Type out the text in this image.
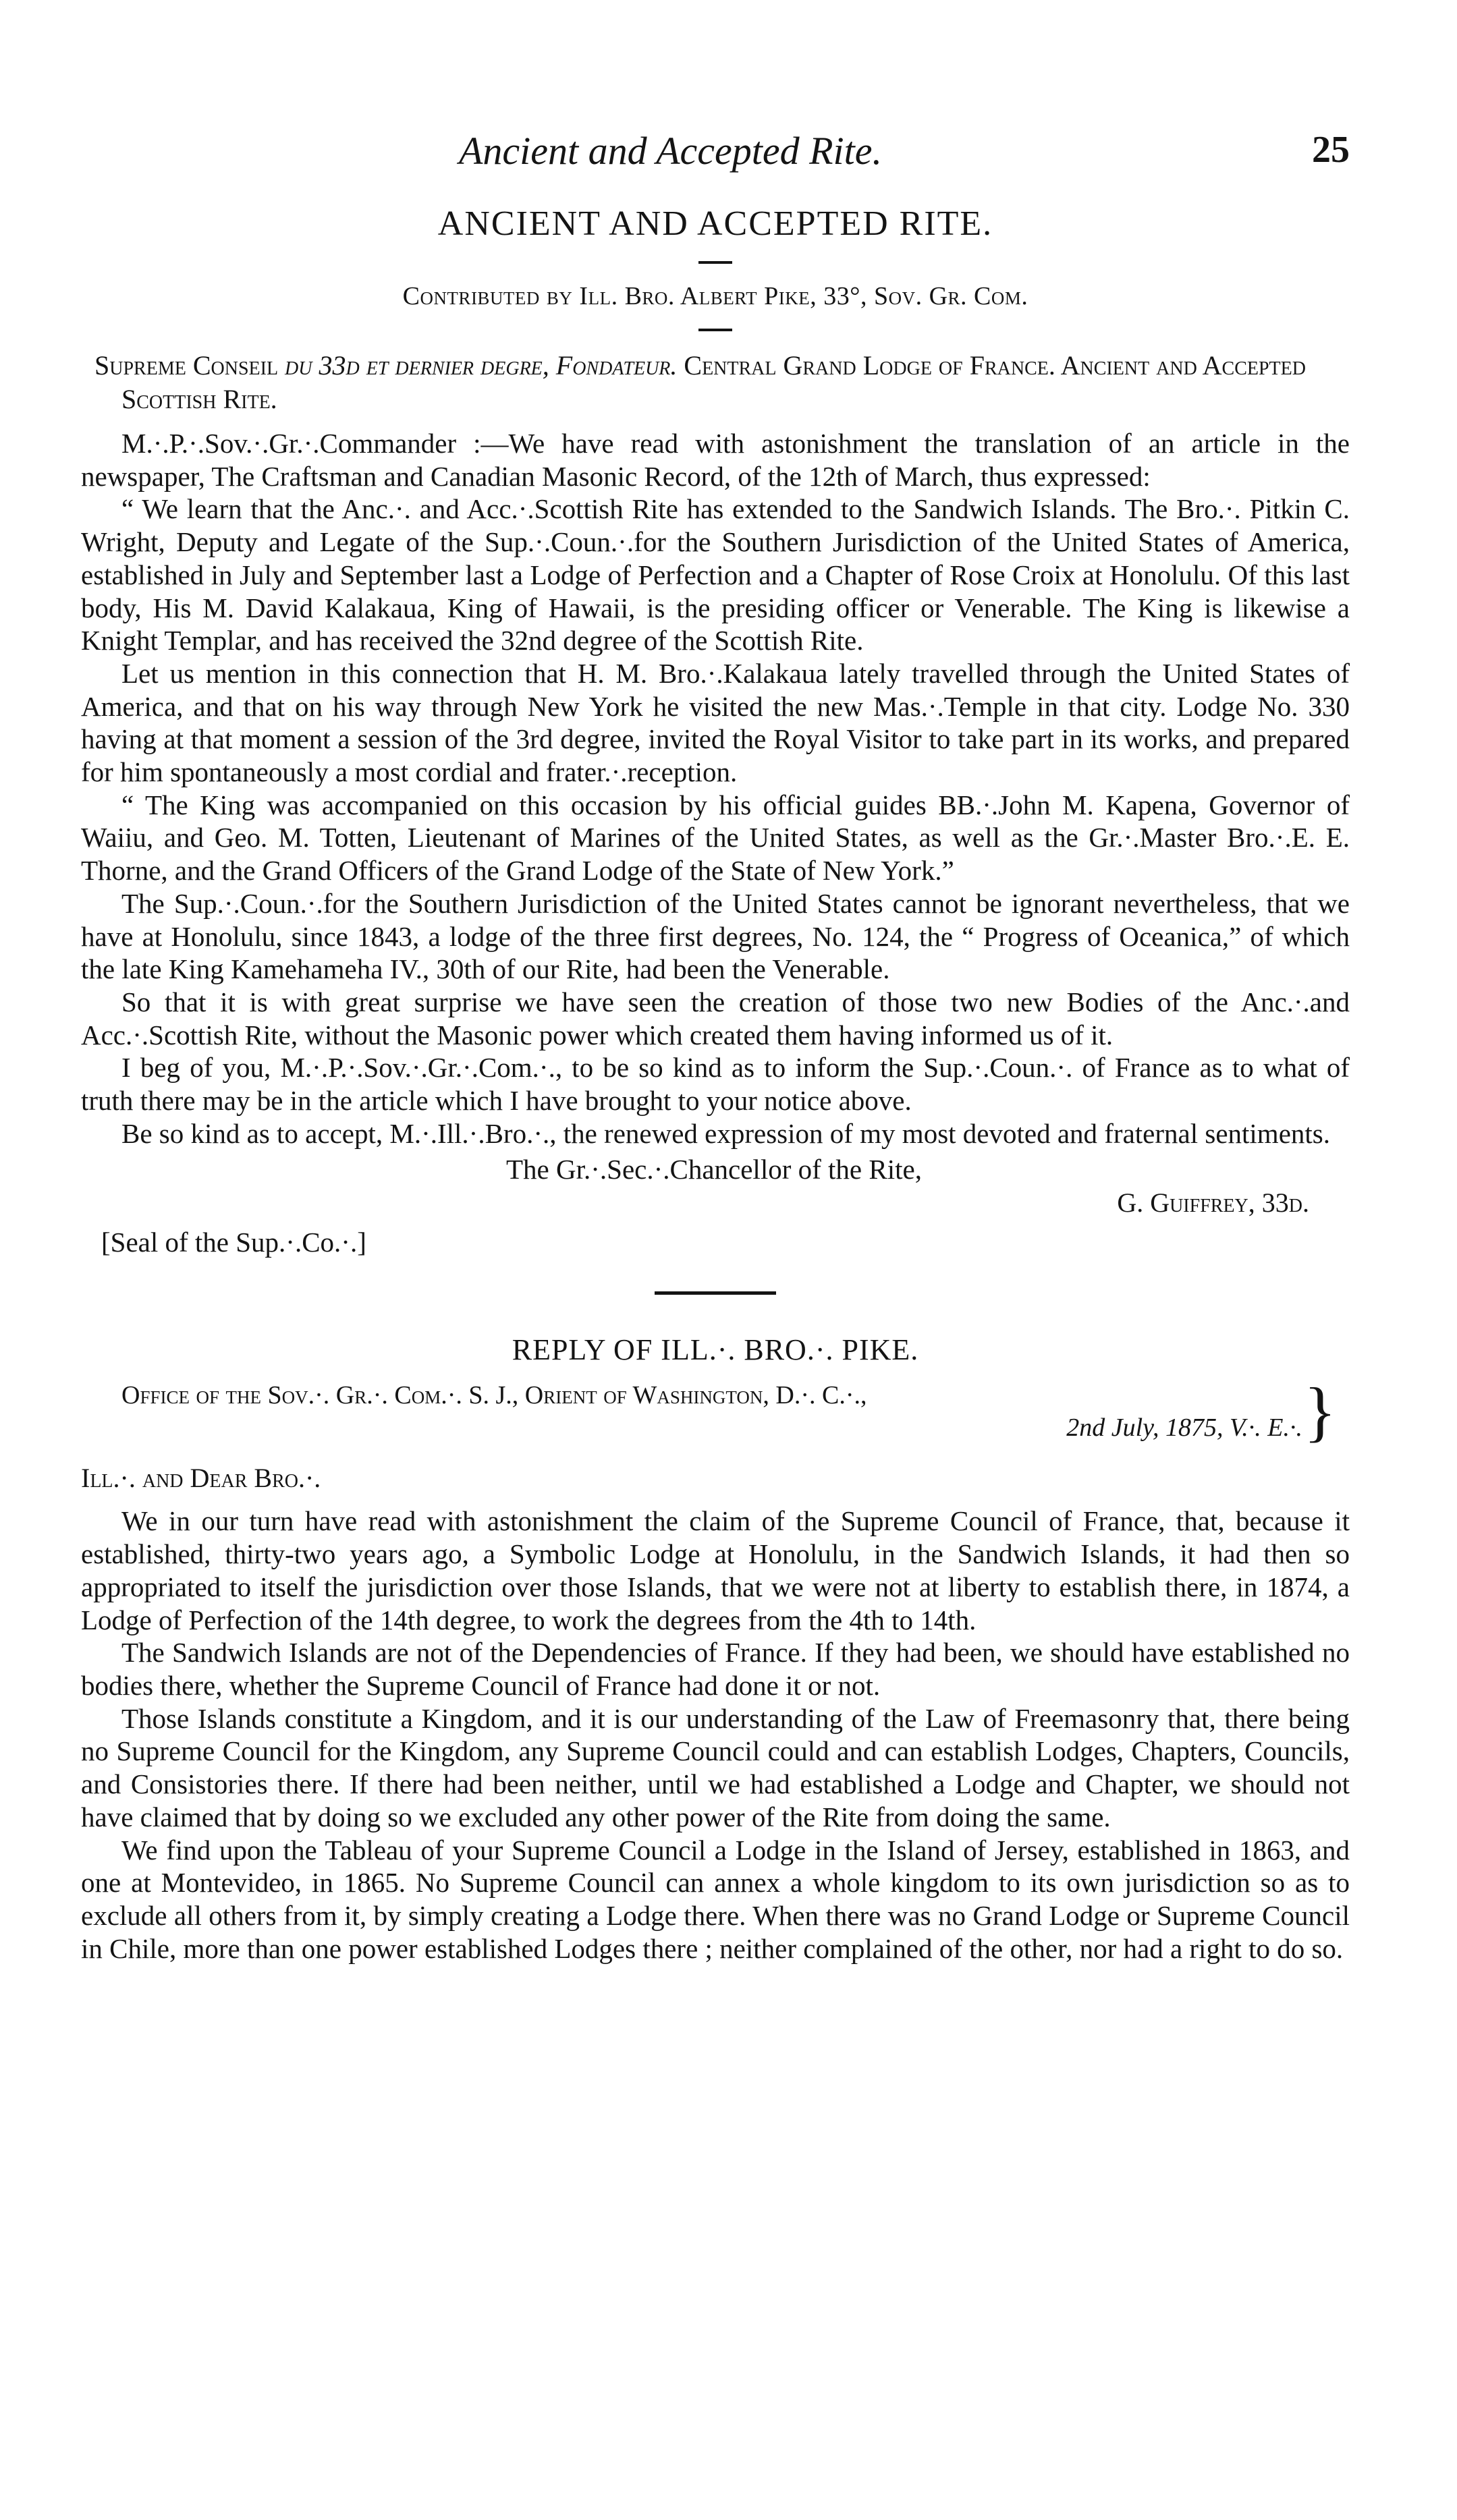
Ancient and Accepted Rite.	25
ANCIENT AND ACCEPTED RITE.
Contributed by Ill. Bro. Albert Pike, 33°, Sov. Gr. Com.
Supreme Conseil du 33d et dernier degre, Fondateur. Central Grand Lodge of France. Ancient and Accepted Scottish Rite.

M.·.P.·.Sov.·.Gr.·.Commander :—We have read with astonishment the translation of an article in the newspaper, The Craftsman and Canadian Masonic Record, of the 12th of March, thus expressed:

“ We learn that the Anc.·. and Acc.·.Scottish Rite has extended to the Sandwich Islands. The Bro.·. Pitkin C. Wright, Deputy and Legate of the Sup.·.Coun.·.for the Southern Jurisdiction of the United States of America, established in July and September last a Lodge of Perfection and a Chapter of Rose Croix at Honolulu. Of this last body, His M. David Kalakaua, King of Hawaii, is the presiding officer or Venerable. The King is likewise a Knight Templar, and has received the 32nd degree of the Scottish Rite.

Let us mention in this connection that H. M. Bro.·.Kalakaua lately travelled through the United States of America, and that on his way through New York he visited the new Mas.·.Temple in that city. Lodge No. 330 having at that moment a session of the 3rd degree, invited the Royal Visitor to take part in its works, and prepared for him spontaneously a most cordial and frater.·.reception.

“ The King was accompanied on this occasion by his official guides BB.·.John M. Kapena, Governor of Waiiu, and Geo. M. Totten, Lieutenant of Marines of the United States, as well as the Gr.·.Master Bro.·.E. E. Thorne, and the Grand Officers of the Grand Lodge of the State of New York.”

The Sup.·.Coun.·.for the Southern Jurisdiction of the United States cannot be ignorant nevertheless, that we have at Honolulu, since 1843, a lodge of the three first degrees, No. 124, the “ Progress of Oceanica,” of which the late King Kamehameha IV., 30th of our Rite, had been the Venerable.

So that it is with great surprise we have seen the creation of those two new Bodies of the Anc.·.and Acc.·.Scottish Rite, without the Masonic power which created them having informed us of it.

I beg of you, M.·.P.·.Sov.·.Gr.·.Com.·., to be so kind as to inform the Sup.·.Coun.·. of France as to what of truth there may be in the article which I have brought to your notice above.

Be so kind as to accept, M.·.Ill.·.Bro.·., the renewed expression of my most devoted and fraternal sentiments.

The Gr.·.Sec.·.Chancellor of the Rite,
G. Guiffrey, 33d.
[Seal of the Sup.·.Co.·.]
REPLY OF ILL.·. BRO.·. PIKE.
Office of the Sov.·. Gr.·. Com.·. S. J., Orient of Washington, D.·. C.·.,
2nd July, 1875, V.·. E.·. }
Ill.·. and Dear Bro.·.

We in our turn have read with astonishment the claim of the Supreme Council of France, that, because it established, thirty-two years ago, a Symbolic Lodge at Honolulu, in the Sandwich Islands, it had then so appropriated to itself the jurisdiction over those Islands, that we were not at liberty to establish there, in 1874, a Lodge of Perfection of the 14th degree, to work the degrees from the 4th to 14th.

The Sandwich Islands are not of the Dependencies of France. If they had been, we should have established no bodies there, whether the Supreme Council of France had done it or not.

Those Islands constitute a Kingdom, and it is our understanding of the Law of Freemasonry that, there being no Supreme Council for the Kingdom, any Supreme Council could and can establish Lodges, Chapters, Councils, and Consistories there. If there had been neither, until we had established a Lodge and Chapter, we should not have claimed that by doing so we excluded any other power of the Rite from doing the same.

We find upon the Tableau of your Supreme Council a Lodge in the Island of Jersey, established in 1863, and one at Montevideo, in 1865. No Supreme Council can annex a whole kingdom to its own jurisdiction so as to exclude all others from it, by simply creating a Lodge there. When there was no Grand Lodge or Supreme Council in Chile, more than one power established Lodges there ; neither complained of the other, nor had a right to do so.
